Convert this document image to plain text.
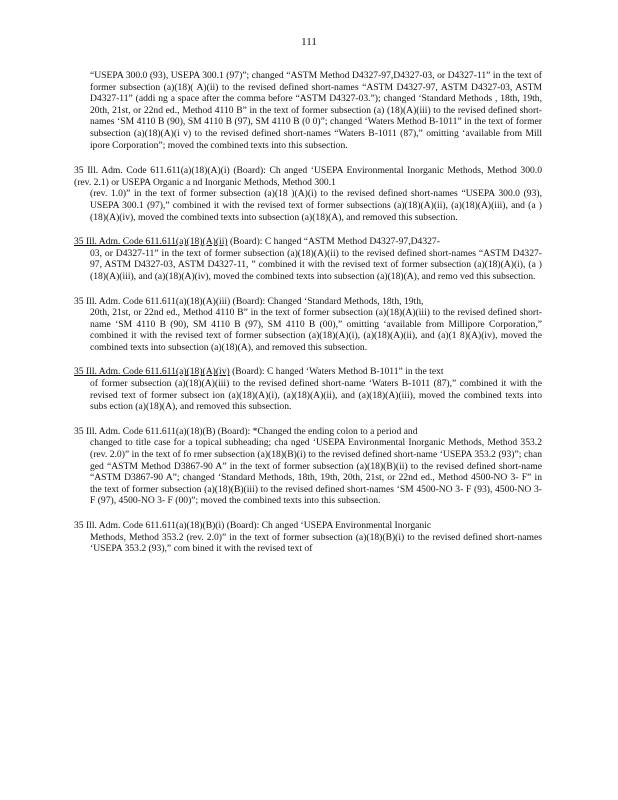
111
“USEPA 300.0 (93), USEPA 300.1 (97)”; changed “ASTM Method D4327-97,D4327-03, or D4327-11” in the text of former subsection (a)(18)( A)(ii) to the revised defined short-names “ASTM D4327-97, ASTM D4327-03, ASTM D4327-11” (addi ng a space after the comma before “ASTM D4327-03.”); changed ‘Standard Methods , 18th, 19th, 20th, 21st, or 22nd ed., Method 4110 B” in the text of former subsection (a) (18)(A)(iii) to the revised defined short-names ‘SM 4110 B (90), SM 4110 B (97), SM 4110 B (0 0)”; changed ‘Waters Method B-1011” in the text of former subsection (a)(18)(A)(i v) to the revised defined short-names “Waters B-1011 (87),” omitting ‘available from Mill ipore Corporation”; moved the combined texts into this subsection.
35 Ill. Adm. Code 611.611(a)(18)(A)(i) (Board): Ch anged ‘USEPA Environmental Inorganic Methods, Method 300.0 (rev. 2.1) or USEPA Organic a nd Inorganic Methods, Method 300.1
(rev. 1.0)” in the text of former subsection (a)(18 )(A)(i) to the revised defined short-names “USEPA 300.0 (93), USEPA 300.1 (97),” combined it with the revised text of former subsections (a)(18)(A)(ii), (a)(18)(A)(iii), and (a )(18)(A)(iv), moved the combined texts into subsection (a)(18)(A), and removed this subsection.
35 Ill. Adm. Code 611.611(a)(18)(A)(ii) (Board): C hanged “ASTM Method D4327-97,D4327-
03, or D4327-11” in the text of former subsection (a)(18)(A)(ii) to the revised defined short-names “ASTM D4327-97, ASTM D4327-03, ASTM D4327-11, ” combined it with the revised text of former subsection (a)(18)(A)(i), (a )(18)(A)(iii), and (a)(18)(A)(iv), moved the combined texts into subsection (a)(18)(A), and remo ved this subsection.
35 Ill. Adm. Code 611.611(a)(18)(A)(iii) (Board): Changed ‘Standard Methods, 18th, 19th,
20th, 21st, or 22nd ed., Method 4110 B” in the text of former subsection (a)(18)(A)(iii) to the revised defined short-name ‘SM 4110 B (90), SM 4110 B (97), SM 4110 B (00),” omitting ‘available from Millipore Corporation,” combined it with the revised text of former subsection (a)(18)(A)(i), (a)(18)(A)(ii), and (a)(1 8)(A)(iv), moved the combined texts into subsection (a)(18)(A), and removed this subsection.
35 Ill. Adm. Code 611.611(a)(18)(A)(iv) (Board): C hanged ‘Waters Method B-1011” in the text
of former subsection (a)(18)(A)(iii) to the revised defined short-name ‘Waters B-1011 (87),” combined it with the revised text of former subsect ion (a)(18)(A)(i), (a)(18)(A)(ii), and (a)(18)(A)(iii), moved the combined texts into subs ection (a)(18)(A), and removed this subsection.
35 Ill. Adm. Code 611.611(a)(18)(B) (Board): *Changed the ending colon to a period and
changed to title case for a topical subheading; cha nged ‘USEPA Environmental Inorganic Methods, Method 353.2 (rev. 2.0)” in the text of fo rmer subsection (a)(18)(B)(i) to the revised defined short-name ‘USEPA 353.2 (93)”; chan ged “ASTM Method D3867-90 A” in the text of former subsection (a)(18)(B)(ii) to the revised defined short-name “ASTM D3867-90 A”; changed ‘Standard Methods, 18th, 19th, 20th, 21st, or 22nd ed., Method 4500-NO 3- F” in the text of former subsection (a)(18)(B)(iii) to the revised defined short-names ‘SM 4500-NO 3- F (93), 4500-NO 3- F (97), 4500-NO 3- F (00)”; moved the combined texts into this subsection.
35 Ill. Adm. Code 611.611(a)(18)(B)(i) (Board): Ch anged ‘USEPA Environmental Inorganic
Methods, Method 353.2 (rev. 2.0)” in the text of former subsection (a)(18)(B)(i) to the revised defined short-names ‘USEPA 353.2 (93),” com bined it with the revised text of
